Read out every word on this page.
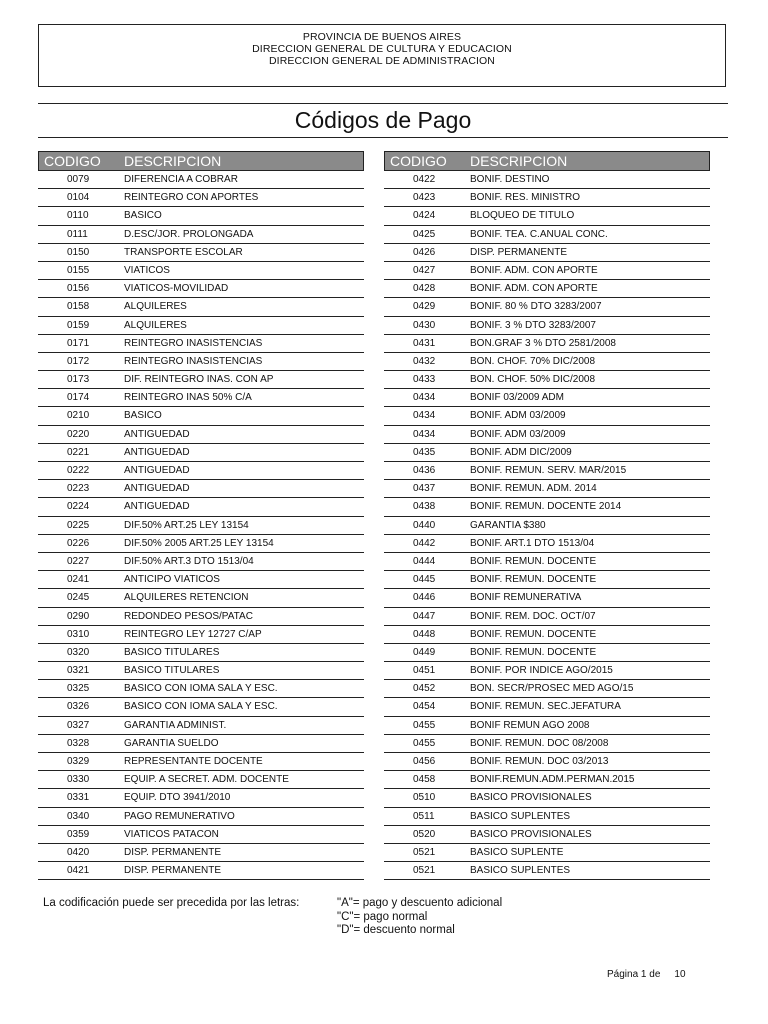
PROVINCIA DE BUENOS AIRES
DIRECCION GENERAL DE CULTURA Y EDUCACION
DIRECCION GENERAL DE ADMINISTRACION
Códigos de Pago
CODIGO DESCRIPCION
0079	DIFERENCIA A COBRAR
0104	REINTEGRO CON APORTES
0110	BASICO
0111	D.ESC/JOR. PROLONGADA
0150	TRANSPORTE ESCOLAR
0155	VIATICOS
0156	VIATICOS-MOVILIDAD
0158	ALQUILERES
0159	ALQUILERES
0171	REINTEGRO INASISTENCIAS
0172	REINTEGRO INASISTENCIAS
0173	DIF. REINTEGRO INAS. CON AP
0174	REINTEGRO INAS 50% C/A
0210	BASICO
0220	ANTIGUEDAD
0221	ANTIGUEDAD
0222	ANTIGUEDAD
0223	ANTIGUEDAD
0224	ANTIGUEDAD
0225	DIF.50% ART.25 LEY 13154
0226	DIF.50% 2005 ART.25 LEY 13154
0227	DIF.50% ART.3 DTO 1513/04
0241	ANTICIPO VIATICOS
0245	ALQUILERES RETENCION
0290	REDONDEO PESOS/PATAC
0310	REINTEGRO LEY 12727 C/AP
0320	BASICO TITULARES
0321	BASICO TITULARES
0325	BASICO CON IOMA SALA Y ESC.
0326	BASICO CON IOMA SALA Y ESC.
0327	GARANTIA ADMINIST.
0328	GARANTIA SUELDO
0329	REPRESENTANTE DOCENTE
0330	EQUIP. A SECRET. ADM. DOCENTE
0331	EQUIP. DTO 3941/2010
0340	PAGO REMUNERATIVO
0359	VIATICOS PATACON
0420	DISP. PERMANENTE
0421	DISP. PERMANENTE
CODIGO DESCRIPCION
0422	BONIF. DESTINO
0423	BONIF. RES. MINISTRO
0424	BLOQUEO DE TITULO
0425	BONIF. TEA. C.ANUAL CONC.
0426	DISP. PERMANENTE
0427	BONIF. ADM. CON APORTE
0428	BONIF. ADM. CON APORTE
0429	BONIF. 80 % DTO 3283/2007
0430	BONIF. 3 % DTO 3283/2007
0431	BON.GRAF 3 % DTO 2581/2008
0432	BON. CHOF. 70% DIC/2008
0433	BON. CHOF. 50% DIC/2008
0434	BONIF 03/2009 ADM
0434	BONIF. ADM 03/2009
0434	BONIF. ADM 03/2009
0435	BONIF. ADM DIC/2009
0436	BONIF. REMUN. SERV. MAR/2015
0437	BONIF. REMUN. ADM. 2014
0438	BONIF. REMUN. DOCENTE 2014
0440	GARANTIA $380
0442	BONIF. ART.1 DTO 1513/04
0444	BONIF. REMUN. DOCENTE
0445	BONIF. REMUN. DOCENTE
0446	BONIF REMUNERATIVA
0447	BONIF. REM. DOC. OCT/07
0448	BONIF. REMUN. DOCENTE
0449	BONIF. REMUN. DOCENTE
0451	BONIF. POR INDICE AGO/2015
0452	BON. SECR/PROSEC MED AGO/15
0454	BONIF. REMUN. SEC.JEFATURA
0455	BONIF REMUN AGO 2008
0455	BONIF. REMUN. DOC 08/2008
0456	BONIF. REMUN. DOC 03/2013
0458	BONIF.REMUN.ADM.PERMAN.2015
0510	BASICO PROVISIONALES
0511	BASICO SUPLENTES
0520	BASICO PROVISIONALES
0521	BASICO SUPLENTE
0521	BASICO SUPLENTES
La codificación puede ser precedida por las letras:	"A"= pago y descuento adicional
"C"= pago normal
"D"= descuento normal
Página 1 de 10
